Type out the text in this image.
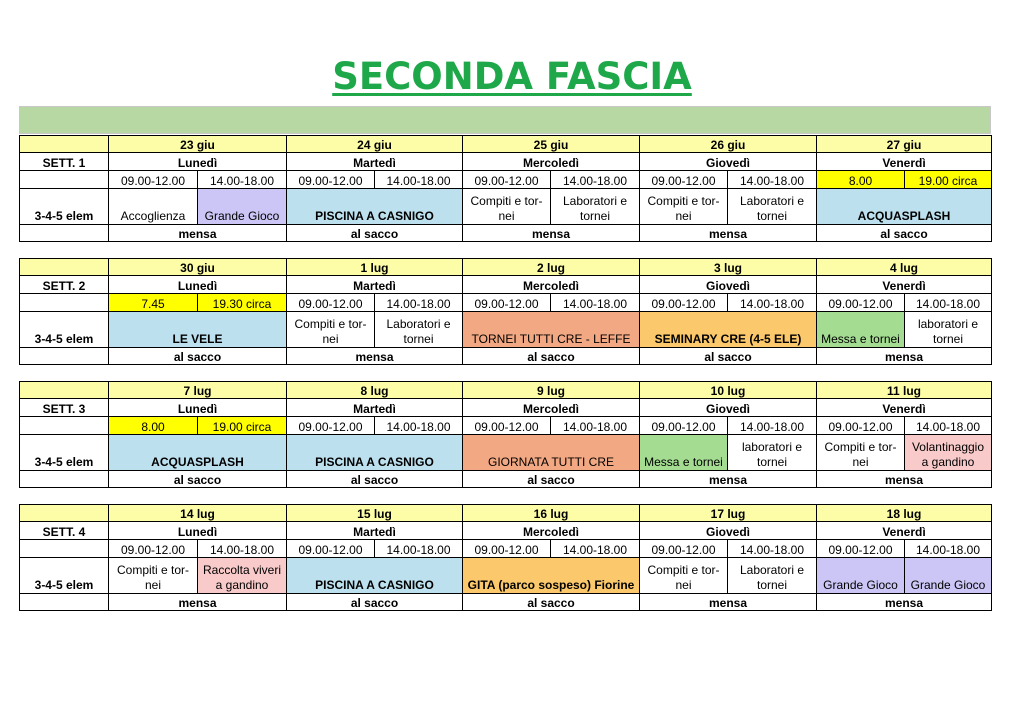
SECONDA FASCIA
	23 giu		24 giu		25 giu		26 giu		27 giu	
SETT. 1	Lunedì		Martedì		Mercoledì		Giovedì		Venerdì	
	09.00-12.00	14.00-18.00	09.00-12.00	14.00-18.00	09.00-12.00	14.00-18.00	09.00-12.00	14.00-18.00	8.00	19.00 circa
3-4-5 elem	Accoglienza	Grande Gioco	PISCINA A CASNIGO		Compiti e tor-nei	Laboratori e torneі	Compiti e tor-nei	Laboratori e tornei	ACQUASPLASH	
	mensa		al sacco		mensa		mensa		al sacco	

	30 giu		1 lug		2 lug		3 lug		4 lug	
SETT. 2	Lunedì		Martedì		Mercoledì		Giovedì		Venerdì	
	7.45	19.30 circa	09.00-12.00	14.00-18.00	09.00-12.00	14.00-18.00	09.00-12.00	14.00-18.00	09.00-12.00	14.00-18.00
3-4-5 elem	LE VELE		Compiti e tor-nei	Laboratori e tornei	TORNEI TUTTI CRE - LEFFE		SEMINARY CRE (4-5 ELE)		Messa e tornei	laboratori e tornei
	al sacco		mensa		al sacco		al sacco		mensa	

	7 lug		8 lug		9 lug		10 lug		11 lug	
SETT. 3	Lunedì		Martedì		Mercoledì		Giovedì		Venerdì	
	8.00	19.00 circa	09.00-12.00	14.00-18.00	09.00-12.00	14.00-18.00	09.00-12.00	14.00-18.00	09.00-12.00	14.00-18.00
3-4-5 elem	ACQUASPLASH		PISCINA A CASNIGO		GIORNATA TUTTI CRE		Messa e tornei	laboratori e tornei	Compiti e tor-nei	Volantinaggio a gandino
	al sacco		al sacco		al sacco		mensa		mensa	

	14 lug		15 lug		16 lug		17 lug		18 lug	
SETT. 4	Lunedì		Martedì		Mercoledì		Giovedì		Venerdì	
	09.00-12.00	14.00-18.00	09.00-12.00	14.00-18.00	09.00-12.00	14.00-18.00	09.00-12.00	14.00-18.00	09.00-12.00	14.00-18.00
3-4-5 elem	Compiti e tor-nei	Raccolta viveri a gandino	PISCINA A CASNIGO		GITA (parco sospeso) Fiorine		Compiti e tor-nei	Laboratori e tornei	Grande Gioco	Grande Gioco
	mensa		al sacco		al sacco		mensa		mensa	
